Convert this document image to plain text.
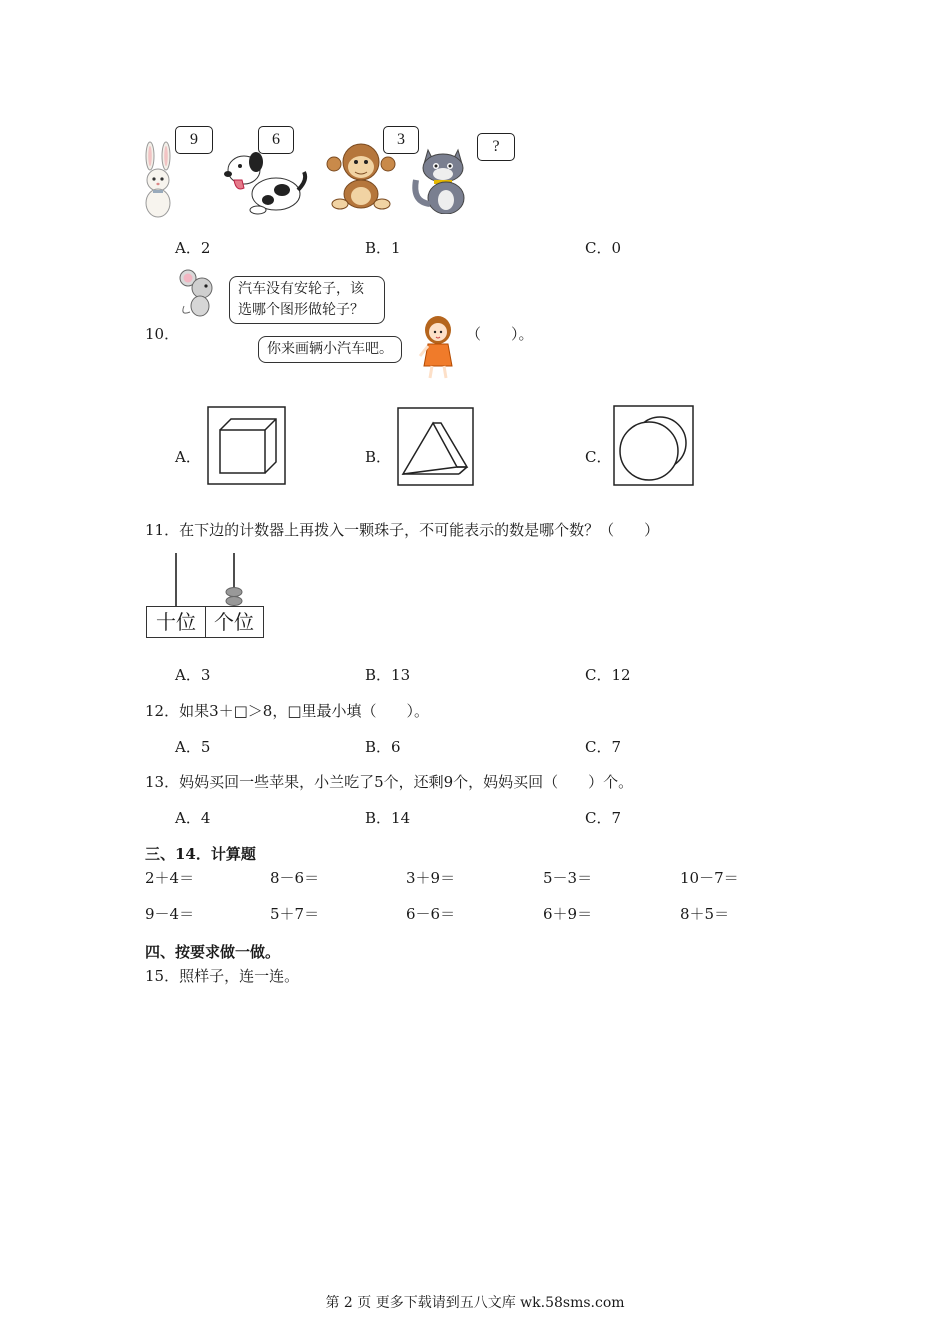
9	6	3	?
A．2	B．1	C．0
汽车没有安轮子，该
选哪个图形做轮子？
10．
你来画辆小汽车吧。
（　　）。
A．	B．	C．
11．在下边的计数器上再拨入一颗珠子，不可能表示的数是哪个数？（　　）
十位 个位
A．3	B．13	C．12
12．如果3＋□＞8，□里最小填（　　）。
A．5	B．6	C．7
13．妈妈买回一些苹果，小兰吃了5个，还剩9个，妈妈买回（　　）个。
A．4	B．14	C．7
三、14．计算题
2＋4＝	8－6＝	3＋9＝	5－3＝	10－7＝
9－4＝	5＋7＝	6－6＝	6＋9＝	8＋5＝
四、按要求做一做。
15．照样子，连一连。
第 2 页 更多下载请到五八文库 wk.58sms.com
